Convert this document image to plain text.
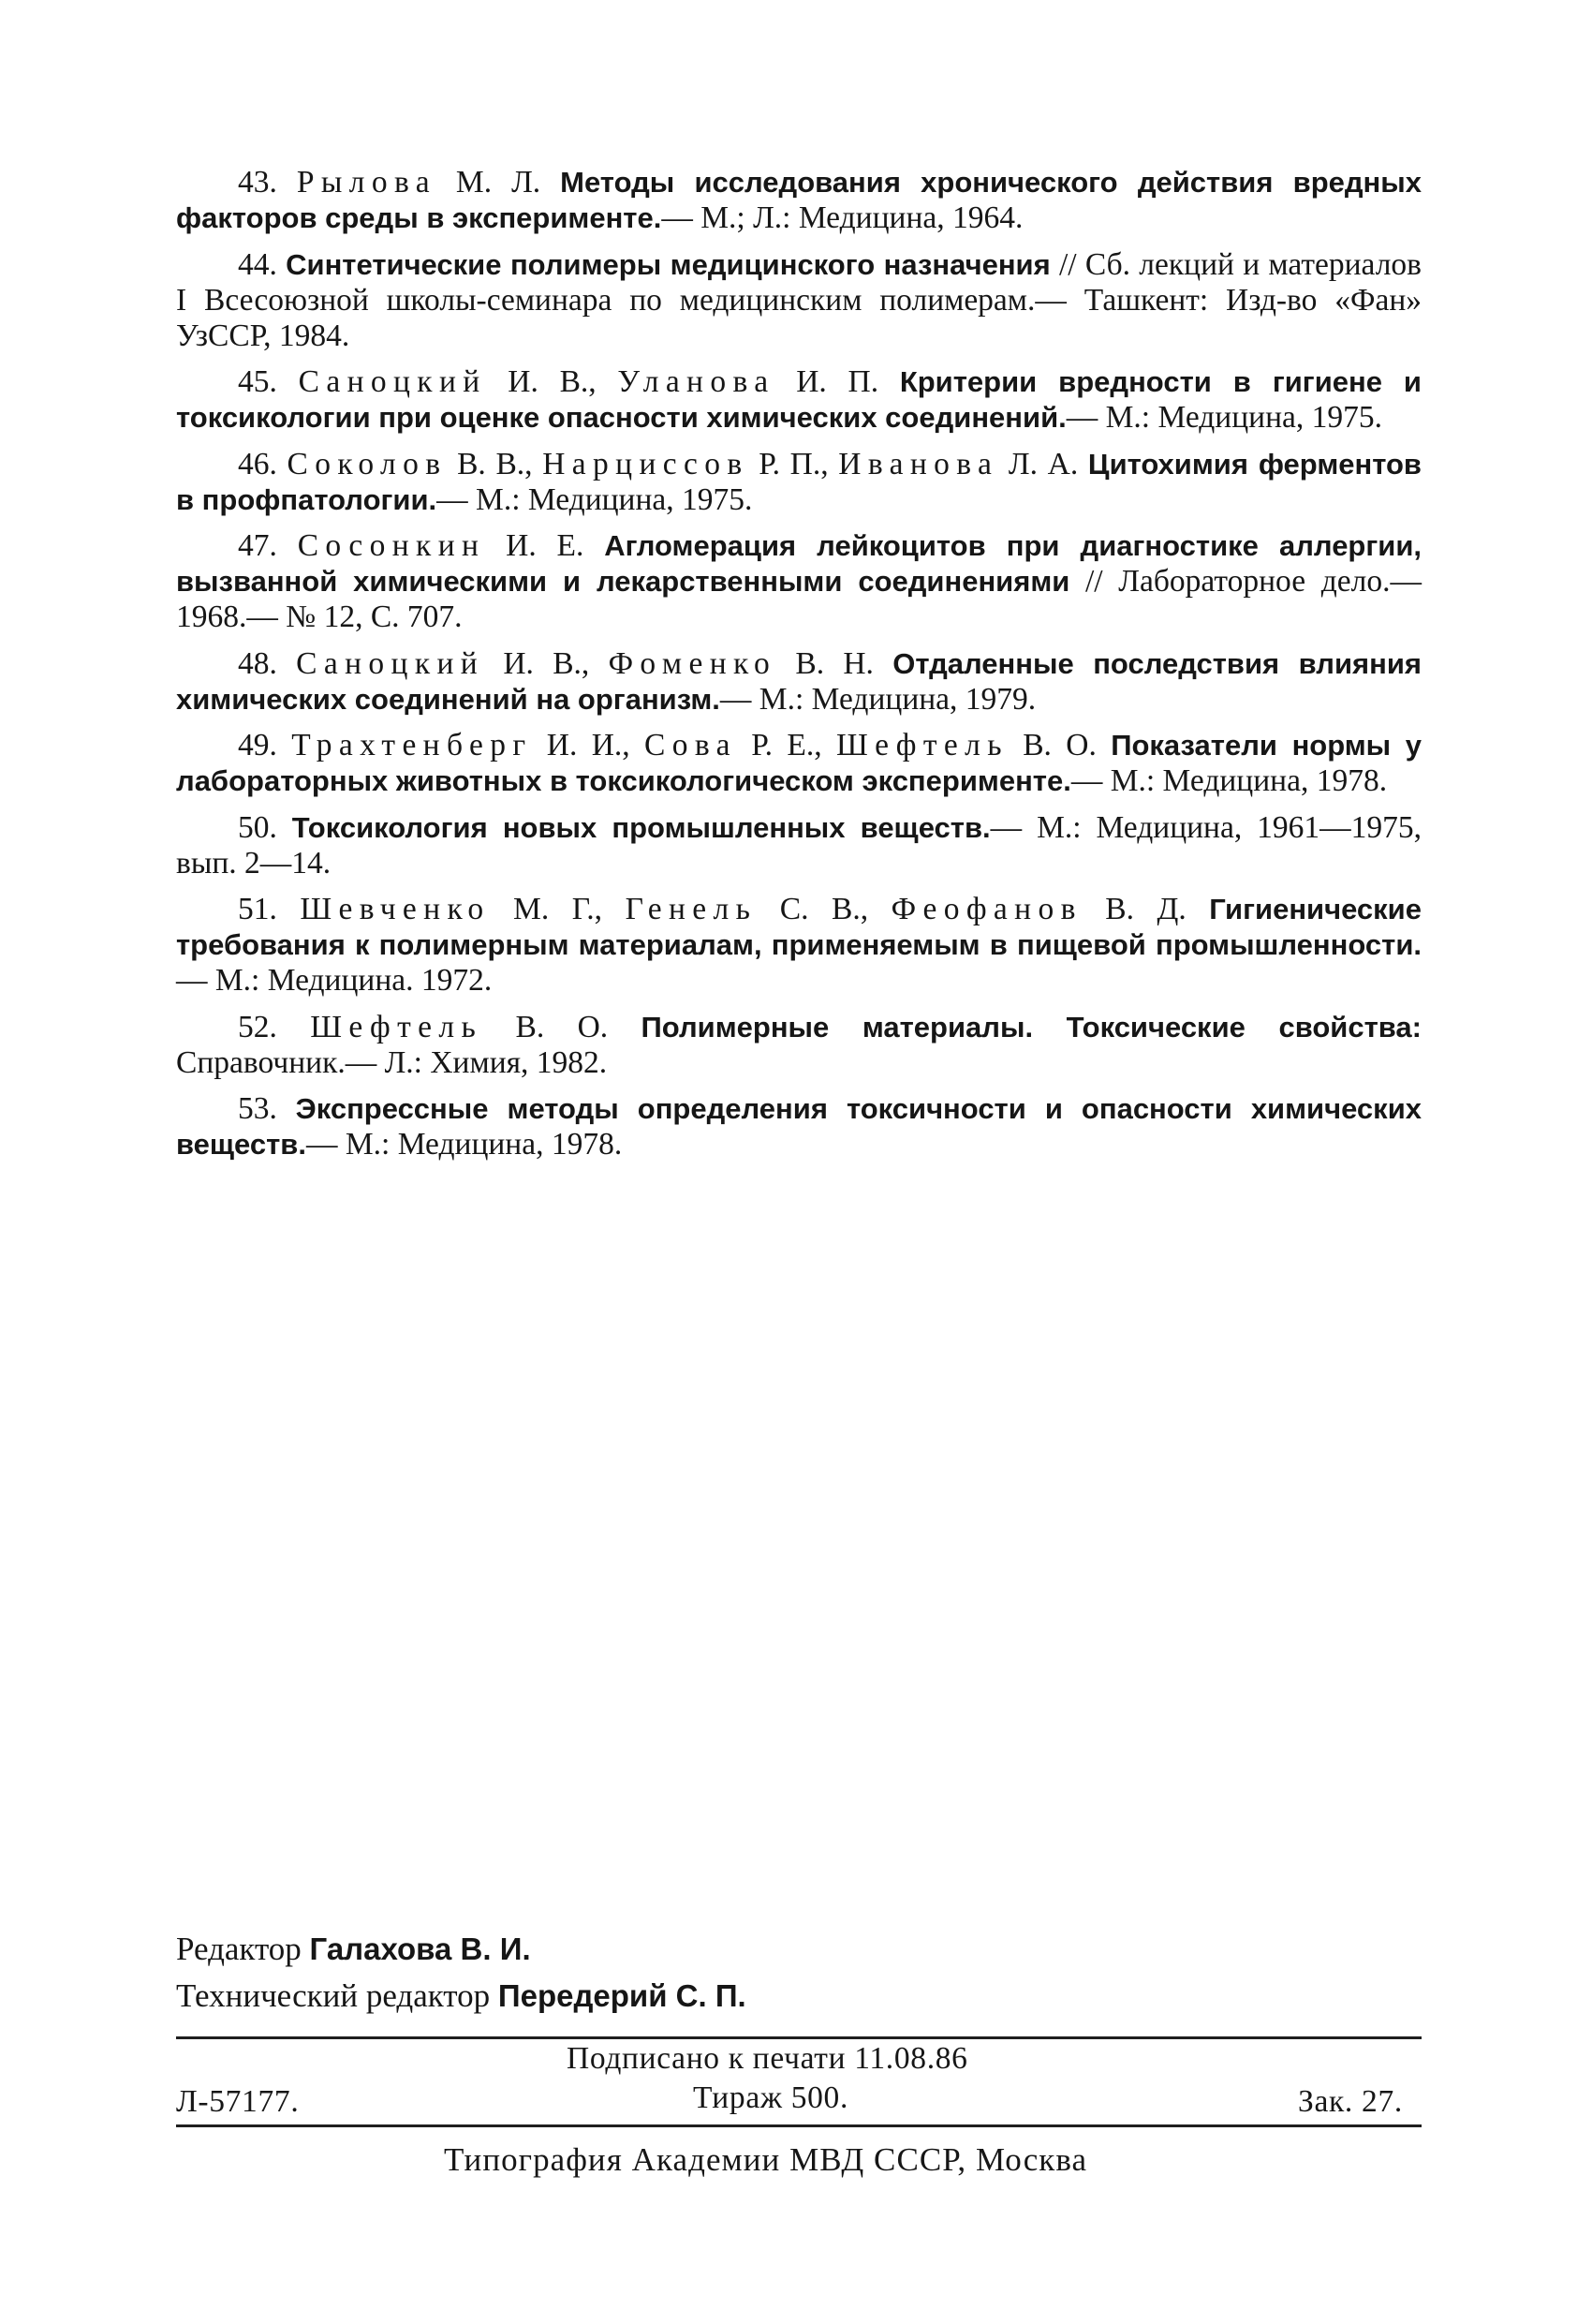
43. Рылова М. Л. Методы исследования хронического действия вредных факторов среды в эксперименте.— М.; Л.: Медицина, 1964.

44. Синтетические полимеры медицинского назначения // Сб. лекций и материалов I Всесоюзной школы-семинара по медицинским полимерам.— Ташкент: Изд-во «Фан» УзССР, 1984.

45. Саноцкий И. В., Уланова И. П. Критерии вредности в гигиене и токсикологии при оценке опасности химических соединений.— М.: Медицина, 1975.

46. Соколов В. В., Нарциссов Р. П., Иванова Л. А. Цитохимия ферментов в профпатологии.— М.: Медицина, 1975.

47. Сосонкин И. Е. Агломерация лейкоцитов при диагностике аллергии, вызванной химическими и лекарственными соединениями // Лабораторное дело.— 1968.— № 12, С. 707.

48. Саноцкий И. В., Фоменко В. Н. Отдаленные последствия влияния химических соединений на организм.— М.: Медицина, 1979.

49. Трахтенберг И. И., Сова Р. Е., Шефтель В. О. Показатели нормы у лабораторных животных в токсикологическом эксперименте.— М.: Медицина, 1978.

50. Токсикология новых промышленных веществ.— М.: Медицина, 1961—1975, вып. 2—14.

51. Шевченко М. Г., Генель С. В., Феофанов В. Д. Гигиенические требования к полимерным материалам, применяемым в пищевой промышленности.— М.: Медицина. 1972.

52. Шефтель В. О. Полимерные материалы. Токсические свойства: Справочник.— Л.: Химия, 1982.

53. Экспрессные методы определения токсичности и опасности химических веществ.— М.: Медицина, 1978.

Редактор Галахова В. И.
Технический редактор Передерий С. П.
Подписано к печати 11.08.86
Л-57177.	Тираж 500.	Зак. 27.
Типография Академии МВД СССР, Москва
